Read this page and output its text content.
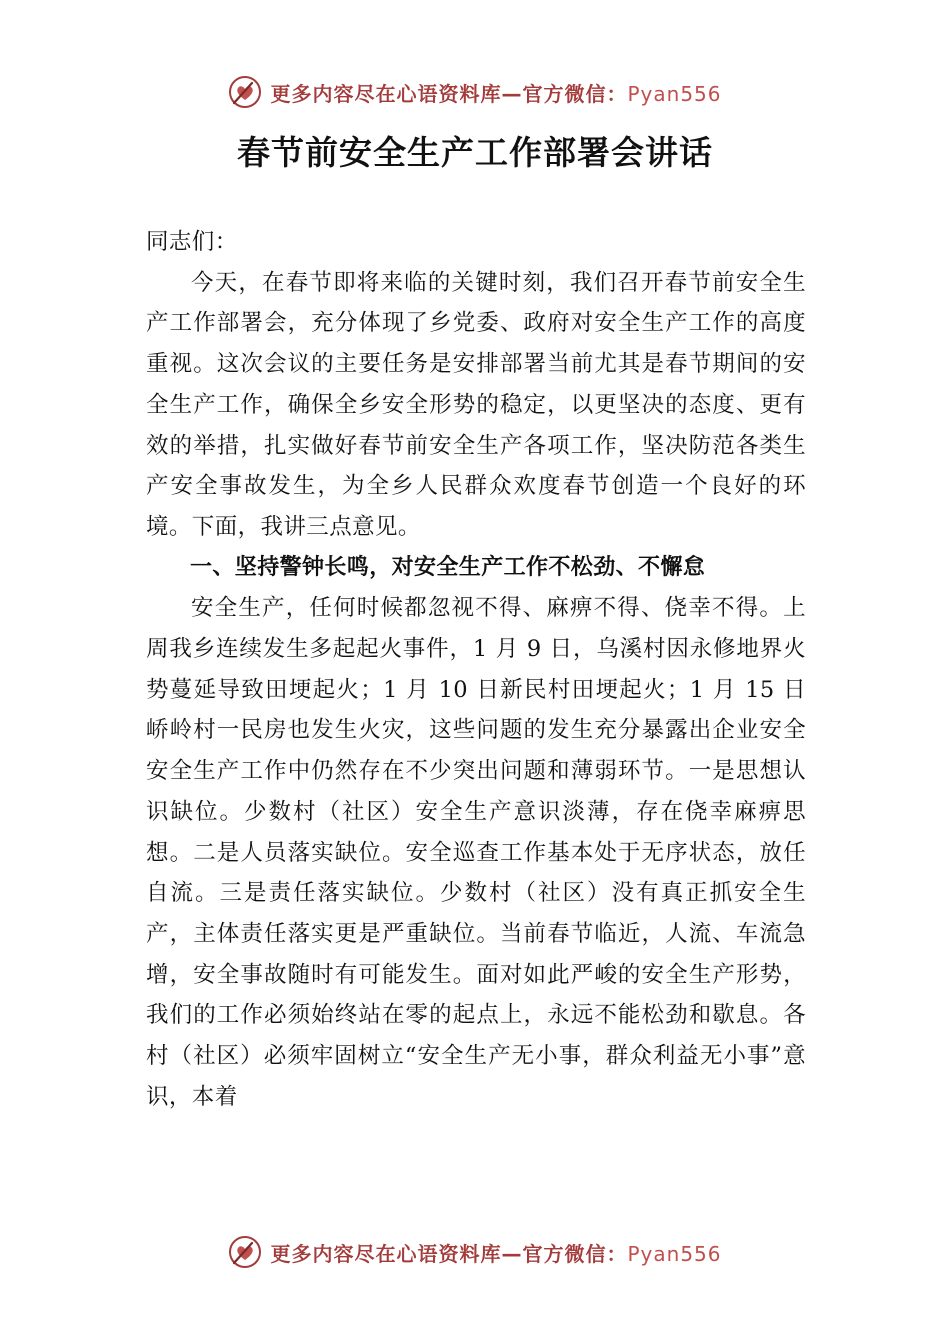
更多内容尽在心语资料库—官方微信：Pyan556
春节前安全生产工作部署会讲话

同志们：

今天，在春节即将来临的关键时刻，我们召开春节前安全生产工作部署会，充分体现了乡党委、政府对安全生产工作的高度重视。这次会议的主要任务是安排部署当前尤其是春节期间的安全生产工作，确保全乡安全形势的稳定，以更坚决的态度、更有效的举措，扎实做好春节前安全生产各项工作，坚决防范各类生产安全事故发生，为全乡人民群众欢度春节创造一个良好的环境。下面，我讲三点意见。

一、坚持警钟长鸣，对安全生产工作不松劲、不懈怠

安全生产，任何时候都忽视不得、麻痹不得、侥幸不得。上周我乡连续发生多起起火事件，1 月 9 日，乌溪村因永修地界火势蔓延导致田埂起火；1 月 10 日新民村田埂起火；1 月 15 日峤岭村一民房也发生火灾，这些问题的发生充分暴露出企业安全安全生产工作中仍然存在不少突出问题和薄弱环节。一是思想认识缺位。少数村（社区）安全生产意识淡薄，存在侥幸麻痹思想。二是人员落实缺位。安全巡查工作基本处于无序状态，放任自流。三是责任落实缺位。少数村（社区）没有真正抓安全生产，主体责任落实更是严重缺位。当前春节临近，人流、车流急增，安全事故随时有可能发生。面对如此严峻的安全生产形势，我们的工作必须始终站在零的起点上，永远不能松劲和歇息。各村（社区）必须牢固树立“安全生产无小事，群众利益无小事”意识，本着

更多内容尽在心语资料库—官方微信：Pyan556
